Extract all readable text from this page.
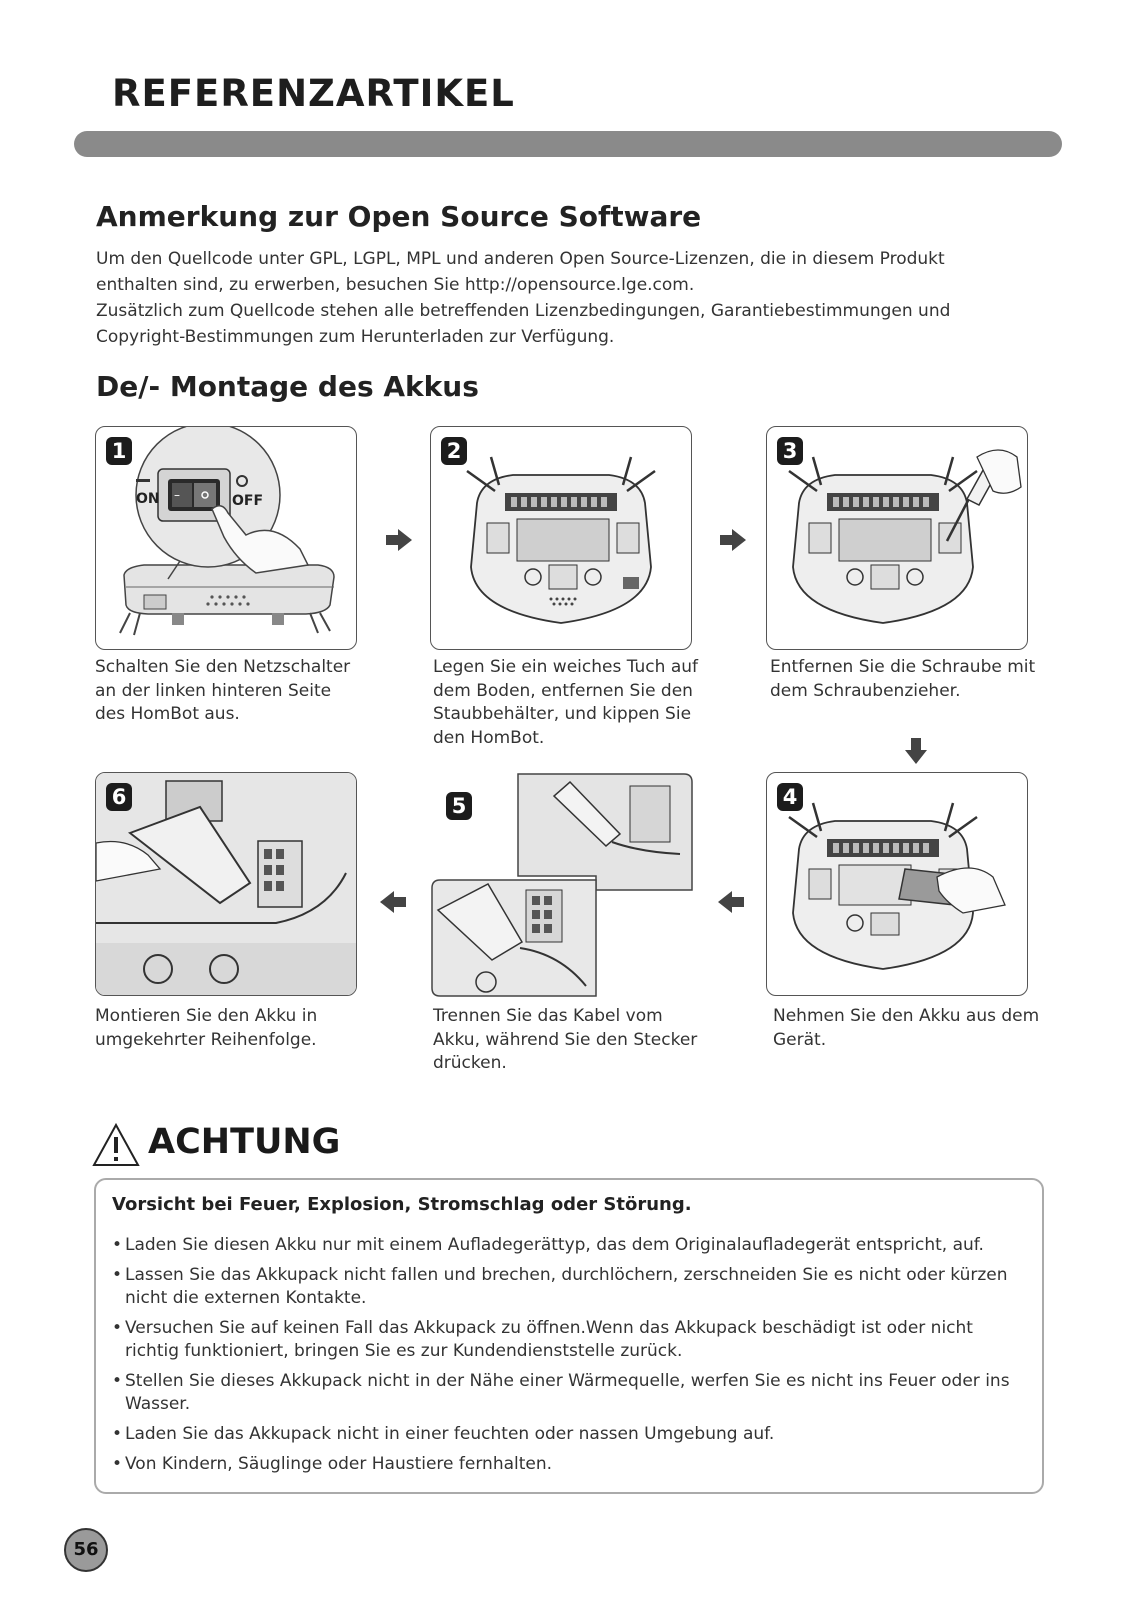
REFERENZARTIKEL
Anmerkung zur Open Source Software

Um den Quellcode unter GPL, LGPL, MPL und anderen Open Source-Lizenzen, die in diesem Produkt enthalten sind, zu erwerben, besuchen Sie http://opensource.lge.com.

Zusätzlich zum Quellcode stehen alle betreffenden Lizenzbedingungen, Garantiebestimmungen und Copyright-Bestimmungen zum Herunterladen zur Verfügung.

De/- Montage des Akkus
–
ON	OFF
1
Schalten Sie den Netzschalter an der linken hinteren Seite des HomBot aus.
2
Legen Sie ein weiches Tuch auf dem Boden, entfernen Sie den Staubbehälter, und kippen Sie den HomBot.
3
Entfernen Sie die Schraube mit dem Schraubenzieher.
6
Montieren Sie den Akku in umgekehrter Reihenfolge.
5
Trennen Sie das Kabel vom Akku, während Sie den Stecker drücken.
4
Nehmen Sie den Akku aus dem Gerät.
ACHTUNG
Vorsicht bei Feuer, Explosion, Stromschlag oder Störung.
• Laden Sie diesen Akku nur mit einem Aufladegerättyp, das dem Originalaufladegerät entspricht, auf.
• Lassen Sie das Akkupack nicht fallen und brechen, durchlöchern, zerschneiden Sie es nicht oder kürzen nicht die externen Kontakte.
• Versuchen Sie auf keinen Fall das Akkupack zu öffnen.Wenn das Akkupack beschädigt ist oder nicht richtig funktioniert, bringen Sie es zur Kundendienststelle zurück.
• Stellen Sie dieses Akkupack nicht in der Nähe einer Wärmequelle, werfen Sie es nicht ins Feuer oder ins Wasser.
• Laden Sie das Akkupack nicht in einer feuchten oder nassen Umgebung auf.
• Von Kindern, Säuglinge oder Haustiere fernhalten.
56
